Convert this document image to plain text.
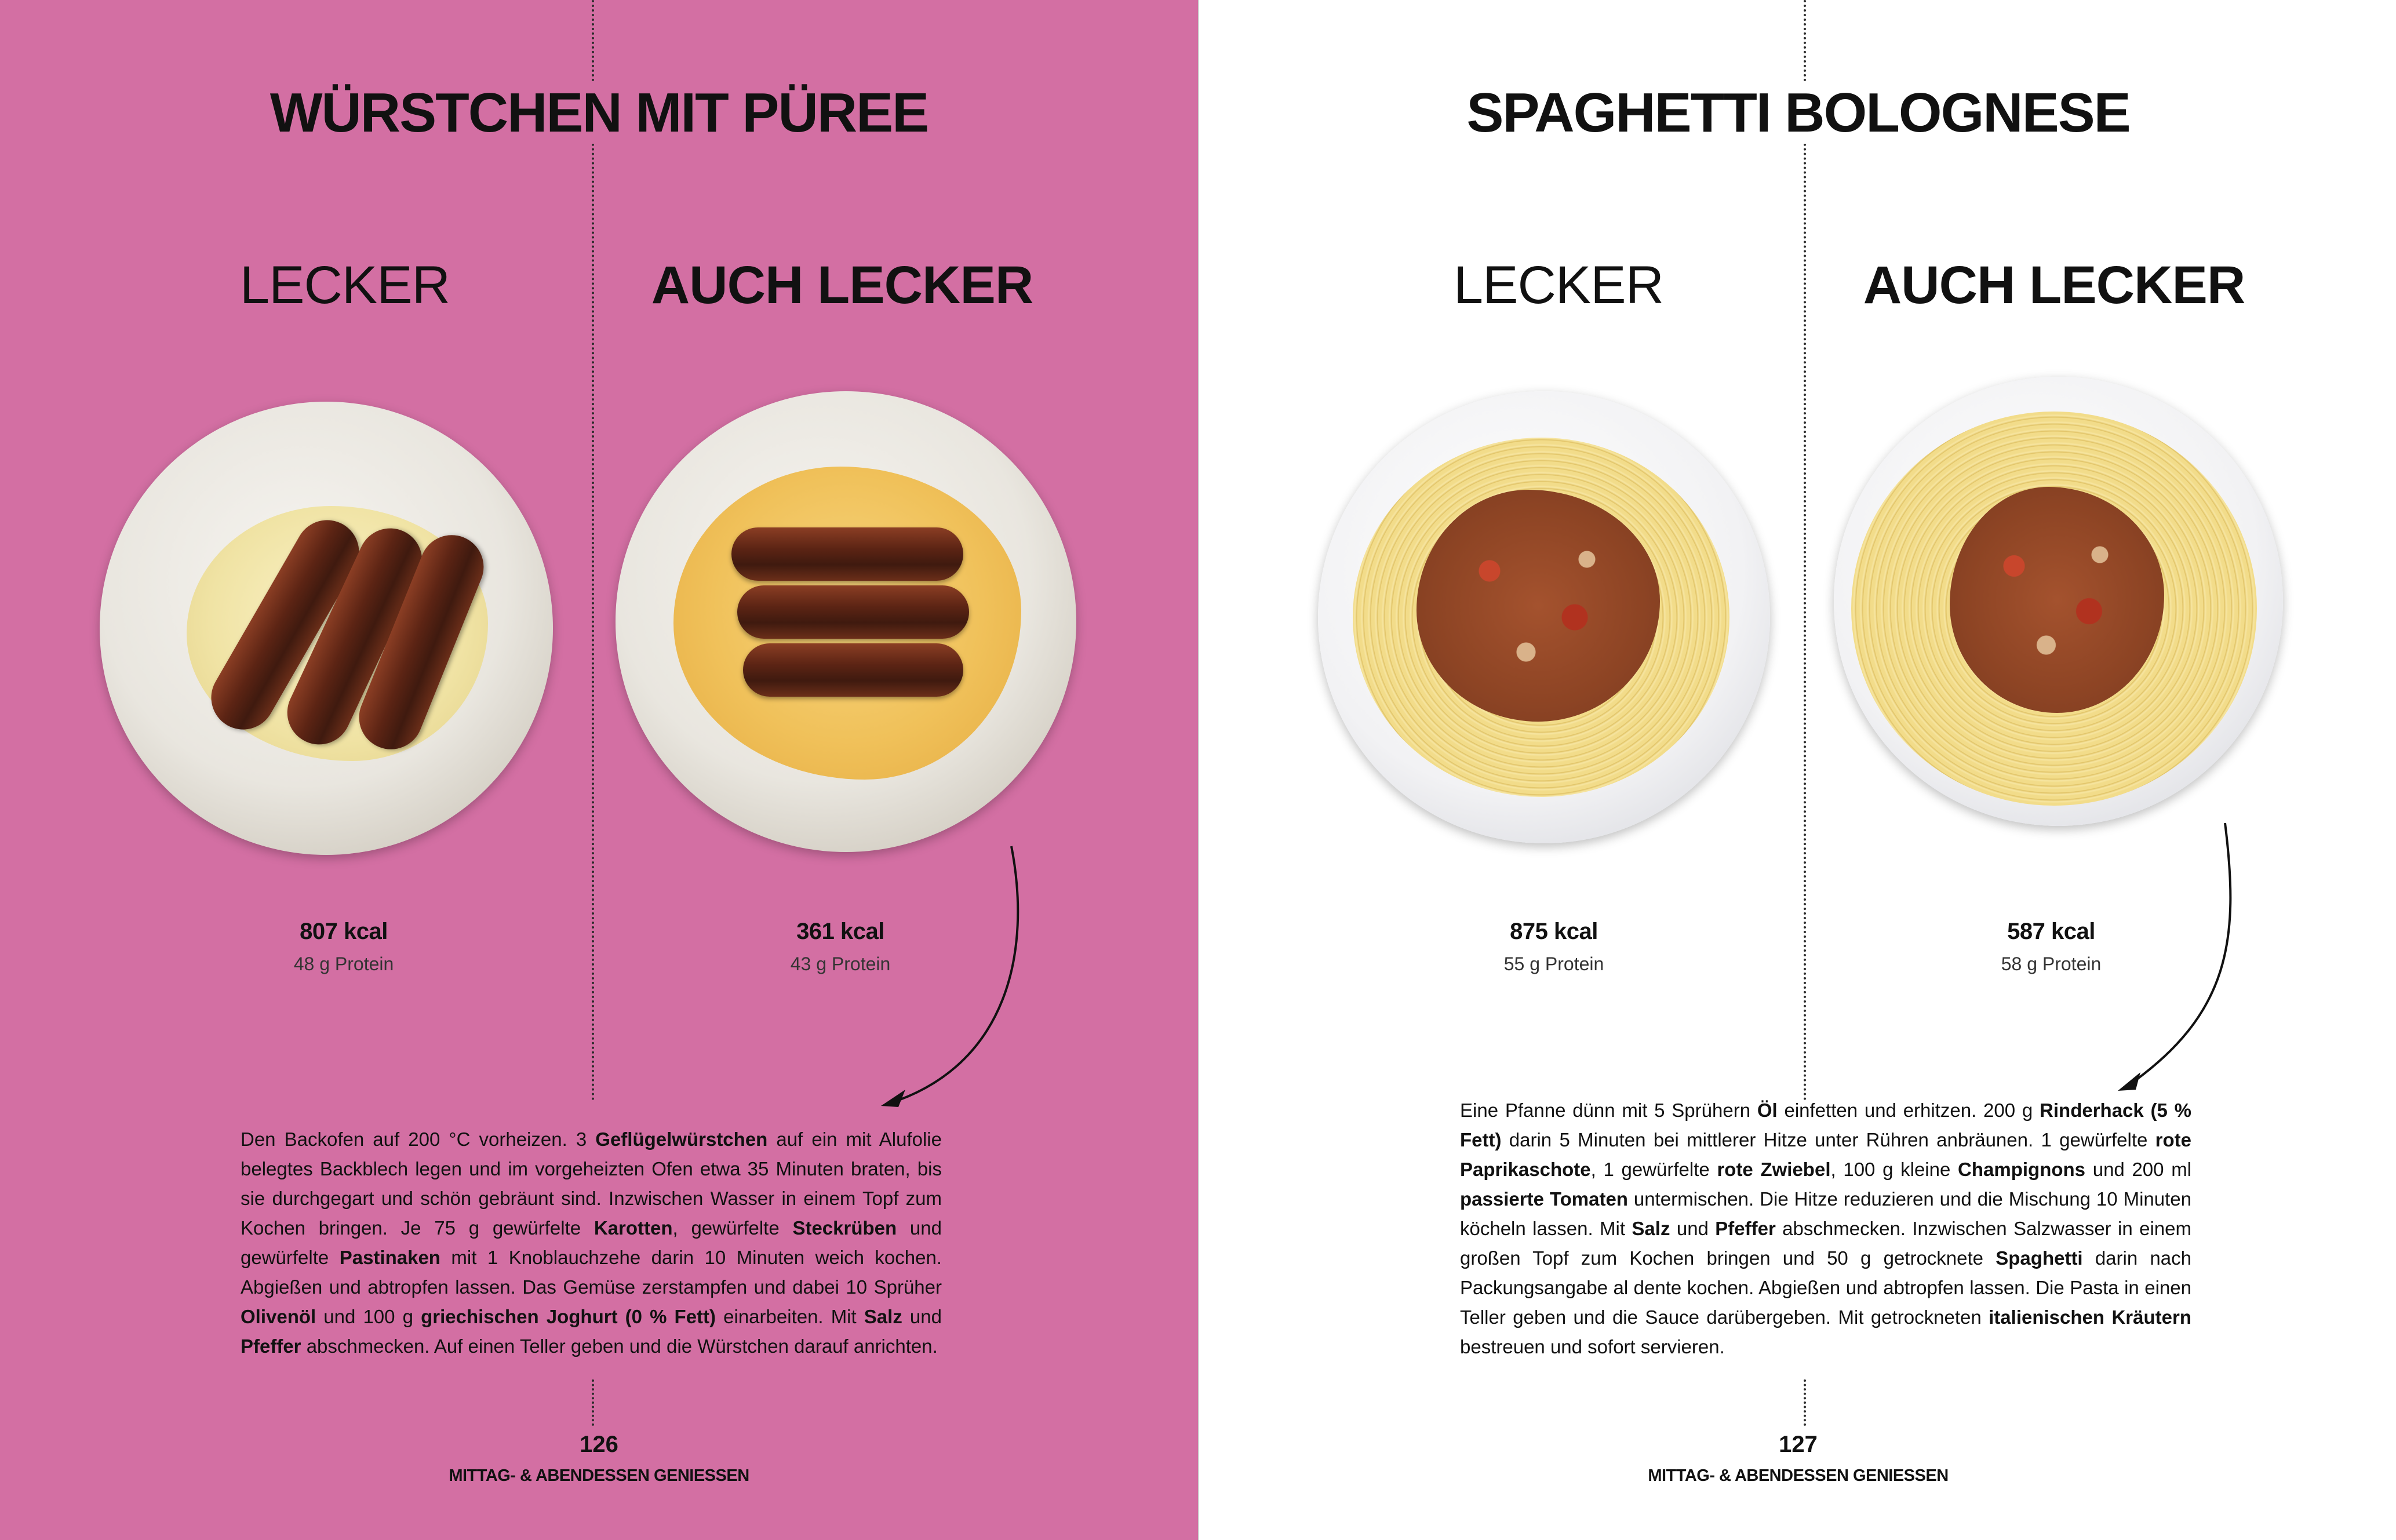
WÜRSTCHEN MIT PÜREE
LECKER	AUCH LECKER
807 kcal
48 g Protein
361 kcal
43 g Protein

Den Backofen auf 200 °C vorheizen. 3 Geflügelwürstchen auf ein mit Alufolie belegtes Backblech legen und im vorgeheizten Ofen etwa 35 Minuten braten, bis sie durchgegart und schön gebräunt sind. Inzwischen Wasser in einem Topf zum Kochen bringen. Je 75 g gewürfelte Karotten, gewürfelte Steckrüben und gewürfelte Pastinaken mit 1 Knoblauchzehe darin 10 Minuten weich kochen. Abgießen und abtropfen lassen. Das Gemüse zerstampfen und dabei 10 Sprüher Olivenöl und 100 g griechischen Joghurt (0 % Fett) einarbeiten. Mit Salz und Pfeffer abschmecken. Auf einen Teller geben und die Würstchen darauf anrichten.

126
MITTAG- & ABENDESSEN GENIESSEN
SPAGHETTI BOLOGNESE
LECKER	AUCH LECKER
875 kcal
55 g Protein
587 kcal
58 g Protein

Eine Pfanne dünn mit 5 Sprühern Öl einfetten und erhitzen. 200 g Rinderhack (5 % Fett) darin 5 Minuten bei mittlerer Hitze unter Rühren anbräunen. 1 gewürfelte rote Paprikaschote, 1 gewürfelte rote Zwiebel, 100 g kleine Champignons und 200 ml passierte Tomaten untermischen. Die Hitze reduzieren und die Mischung 10 Minuten köcheln lassen. Mit Salz und Pfeffer abschmecken. Inzwischen Salzwasser in einem großen Topf zum Kochen bringen und 50 g getrocknete Spaghetti darin nach Packungsangabe al dente kochen. Abgießen und abtropfen lassen. Die Pasta in einen Teller geben und die Sauce darübergeben. Mit getrockneten italienischen Kräutern bestreuen und sofort servieren.

127
MITTAG- & ABENDESSEN GENIESSEN
